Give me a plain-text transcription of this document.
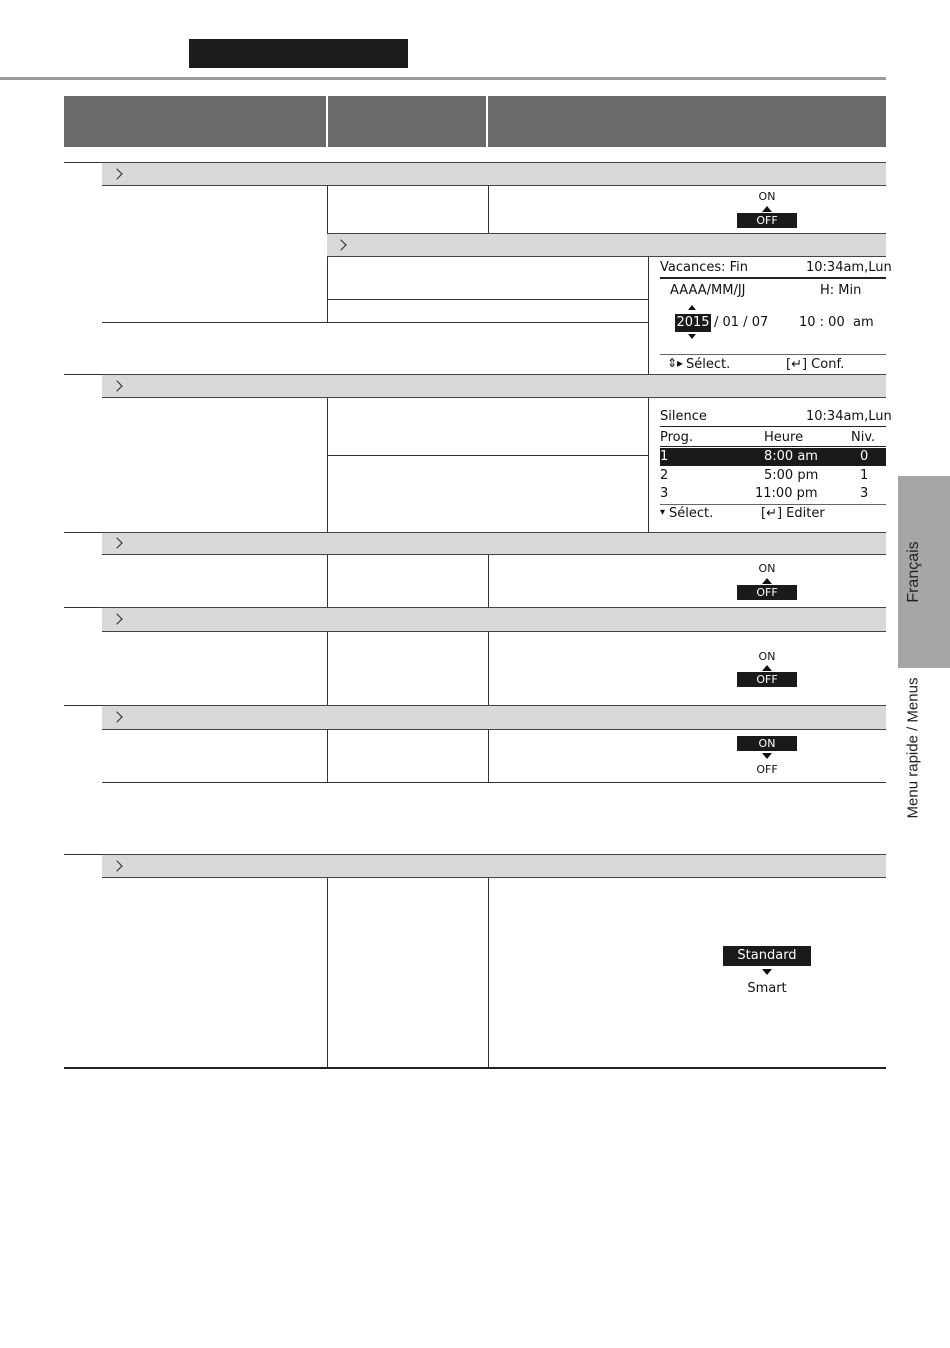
ON
OFF
Vacances: Fin	10:34am,Lun
AAAA/MM/JJ	H: Min
2015 / 01 / 07 10 : 00  am
⇕▸ Sélect.	[↵] Conf.
Silence	10:34am,Lun
Prog.	Heure	Niv.
1	8:00 am	0
2	5:00 pm	1
3	11:00 pm	3
▾ Sélect.	[↵] Editer
ON
OFF
ON
OFF
ON
OFF
Standard
Smart
Français
Menu rapide / Menus
